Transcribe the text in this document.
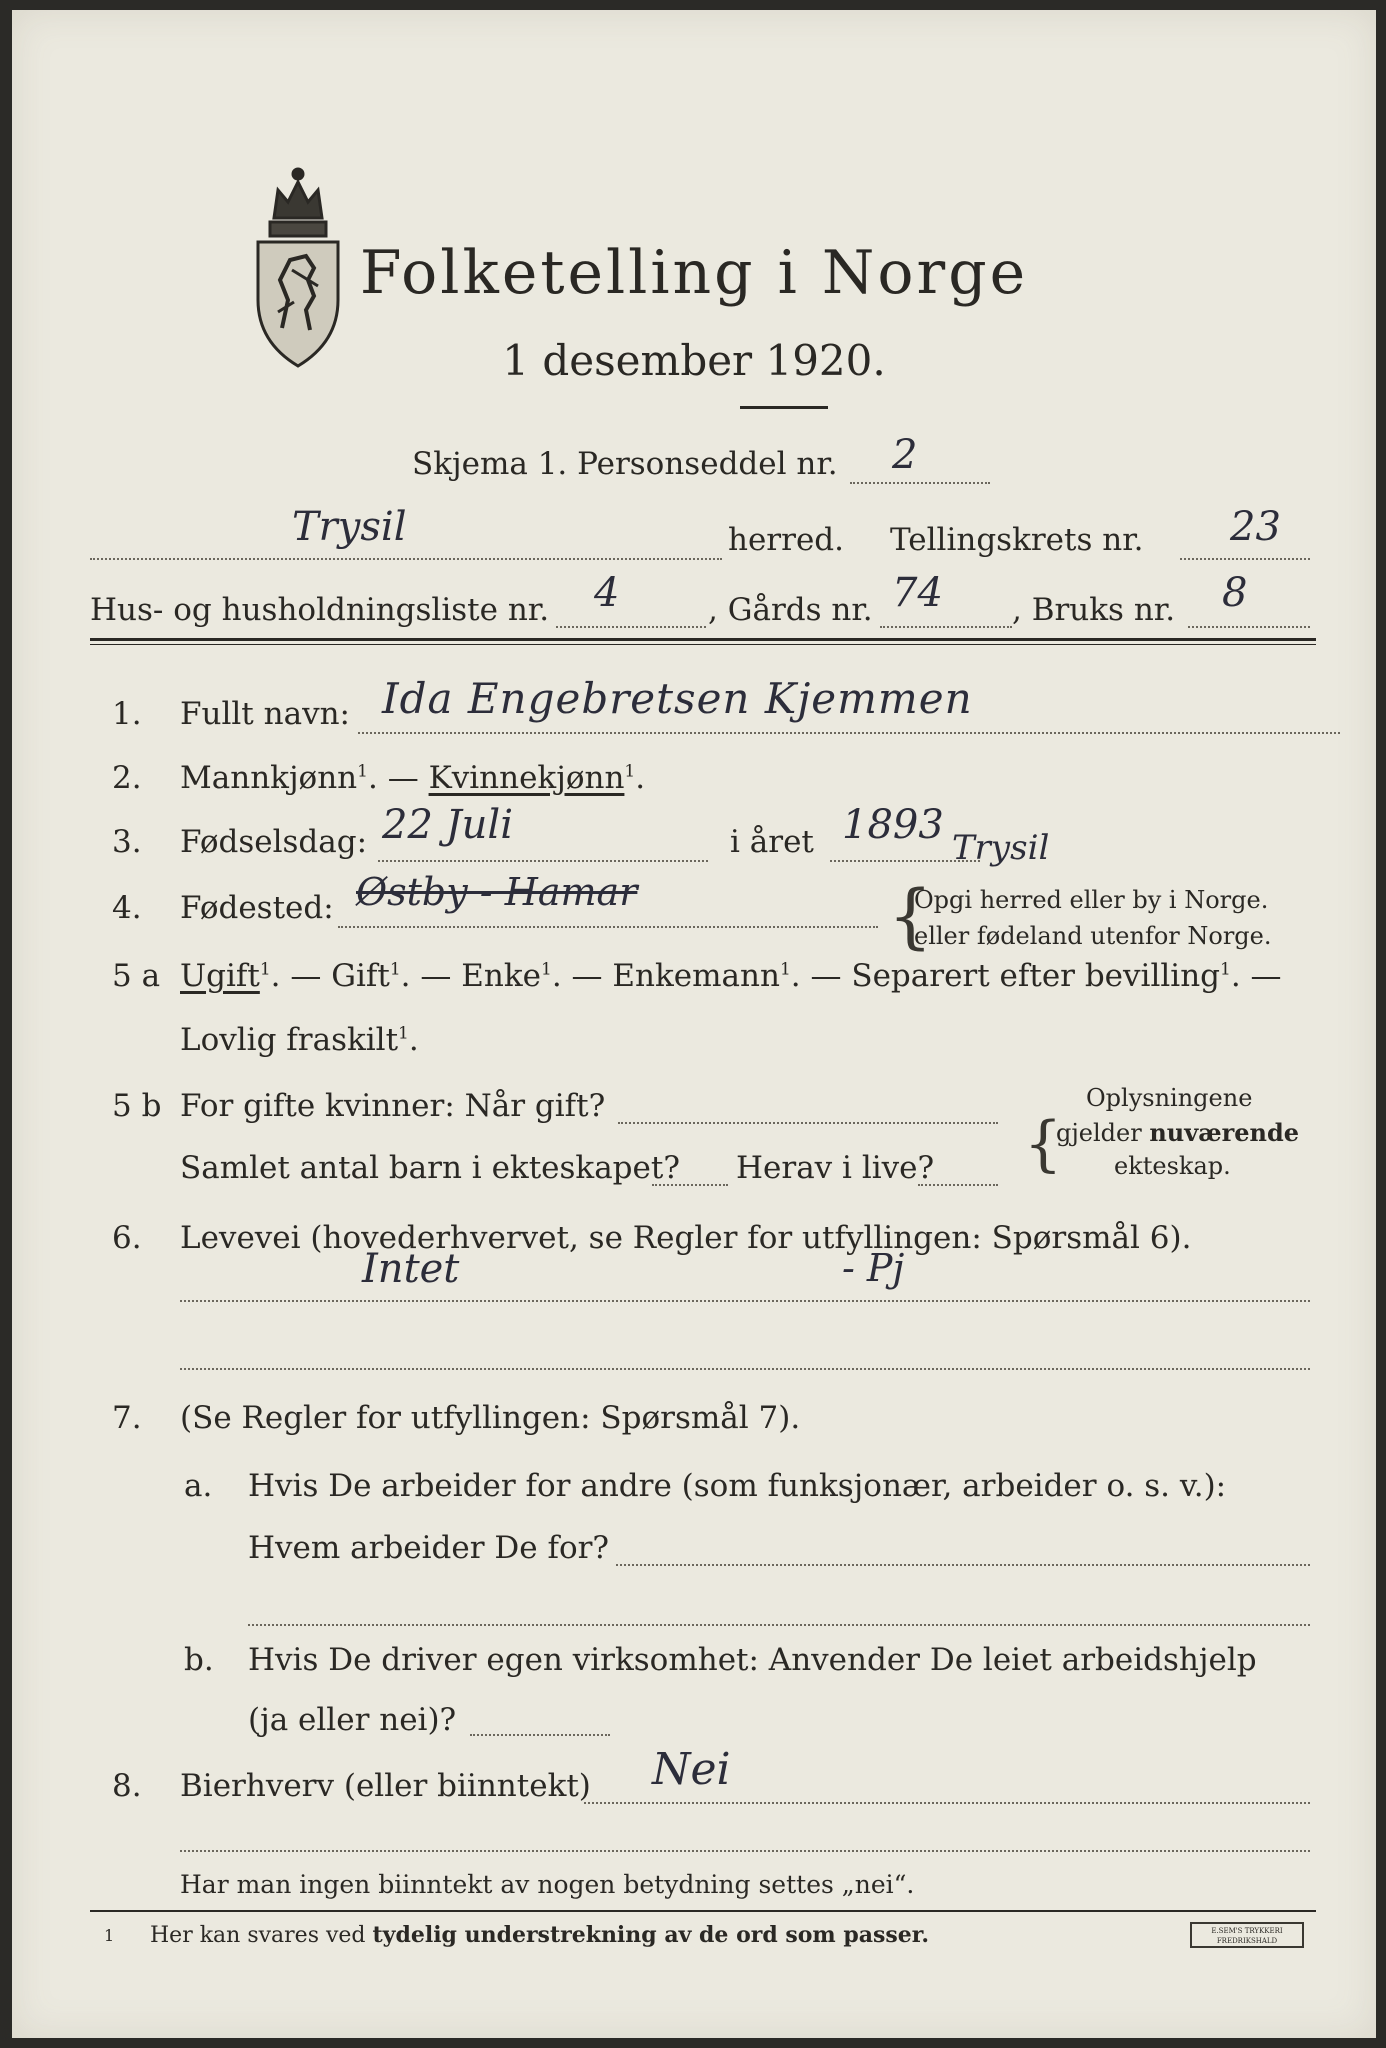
Folketelling i Norge
1 desember 1920.
Skjema 1. Personseddel nr. 2
Trysil	herred. Tellingskrets nr. 23
Hus- og husholdningsliste nr. 4	, Gårds nr. 74 , Bruks nr. 8
1. Fullt navn: Ida Engebretsen Kjemmen
2. Mannkjønn$^1$. — Kvinnekjønn$^1$.
3. Fødselsdag: 22 Juli	i året 1893
4. Fødested: Østby - Hamar
Trysil
{
Opgi herred eller by i Norge.
eller fødeland utenfor Norge.
5 a Ugift$^1$. — Gift$^1$. — Enke$^1$. — Enkemann$^1$. — Separert efter bevilling$^1$. —
Lovlig fraskilt$^1$.
5 b For gifte kvinner: Når gift?
Samlet antal barn i ekteskapet? Herav i live? {
Oplysningene
gjelder nuværende
ekteskap.
6. Levevei (hovederhvervet, se Regler for utfyllingen: Spørsmål 6).
Intet	- Pj
7. (Se Regler for utfyllingen: Spørsmål 7).
a. Hvis De arbeider for andre (som funksjonær, arbeider o. s. v.):
Hvem arbeider De for?
b. Hvis De driver egen virksomhet: Anvender De leiet arbeidshjelp
(ja eller nei)?
8. Bierhverv (eller biinntekt) Nei
Har man ingen biinntekt av nogen betydning settes „nei“.
1 Her kan svares ved tydelig understrekning av de ord som passer.	E.SEM'S TRYKKERI
FREDRIKSHALD
